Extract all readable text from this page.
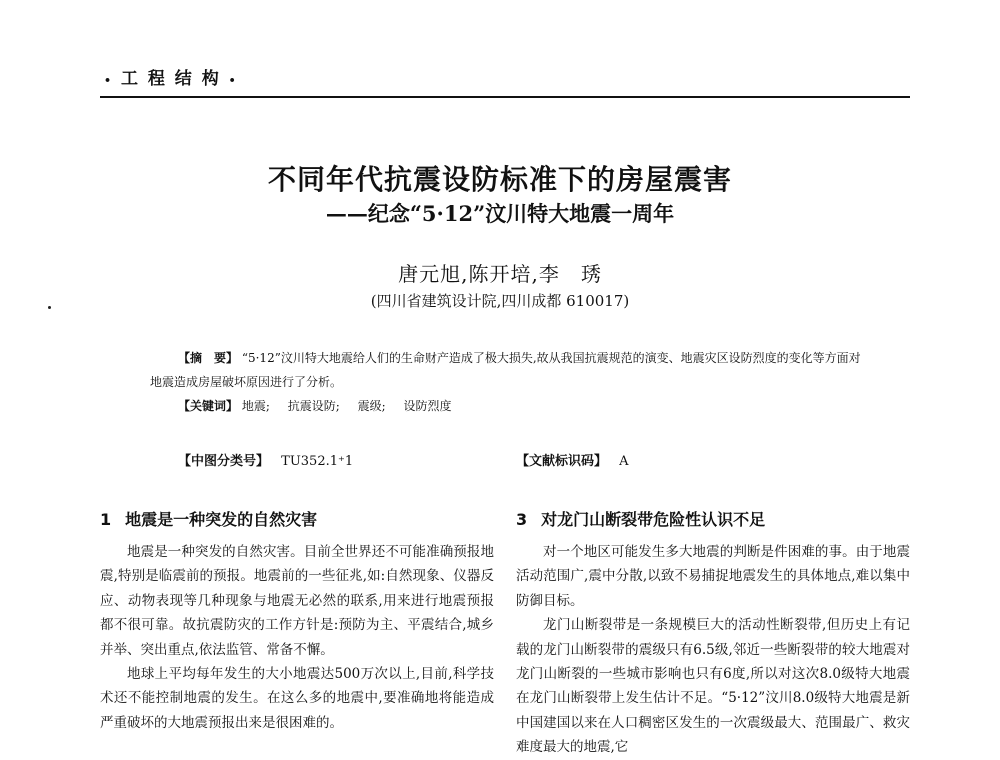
• 工 程 结 构 •
不同年代抗震设防标准下的房屋震害
——纪念“5·12”汶川特大地震一周年
唐元旭,陈开培,李　琇
(四川省建筑设计院,四川成都 610017)

【摘　要】 “5·12”汶川特大地震给人们的生命财产造成了极大损失,故从我国抗震规范的演变、地震灾区设防烈度的变化等方面对地震造成房屋破坏原因进行了分析。

【关键词】 地震; 抗震设防; 震级; 设防烈度

【中图分类号】 TU352.1⁺1	【文献标识码】 A
1 地震是一种突发的自然灾害

地震是一种突发的自然灾害。目前全世界还不可能准确预报地震,特别是临震前的预报。地震前的一些征兆,如:自然现象、仪器反应、动物表现等几种现象与地震无必然的联系,用来进行地震预报都不很可靠。故抗震防灾的工作方针是:预防为主、平震结合,城乡并举、突出重点,依法监管、常备不懈。

地球上平均每年发生的大小地震达500万次以上,目前,科学技术还不能控制地震的发生。在这么多的地震中,要准确地将能造成严重破坏的大地震预报出来是很困难的。

3 对龙门山断裂带危险性认识不足

对一个地区可能发生多大地震的判断是件困难的事。由于地震活动范围广,震中分散,以致不易捕捉地震发生的具体地点,难以集中防御目标。

龙门山断裂带是一条规模巨大的活动性断裂带,但历史上有记载的龙门山断裂带的震级只有6.5级,邻近一些断裂带的较大地震对龙门山断裂的一些城市影响也只有6度,所以对这次8.0级特大地震在龙门山断裂带上发生估计不足。“5·12”汶川8.0级特大地震是新中国建国以来在人口稠密区发生的一次震级最大、范围最广、救灾难度最大的地震,它
